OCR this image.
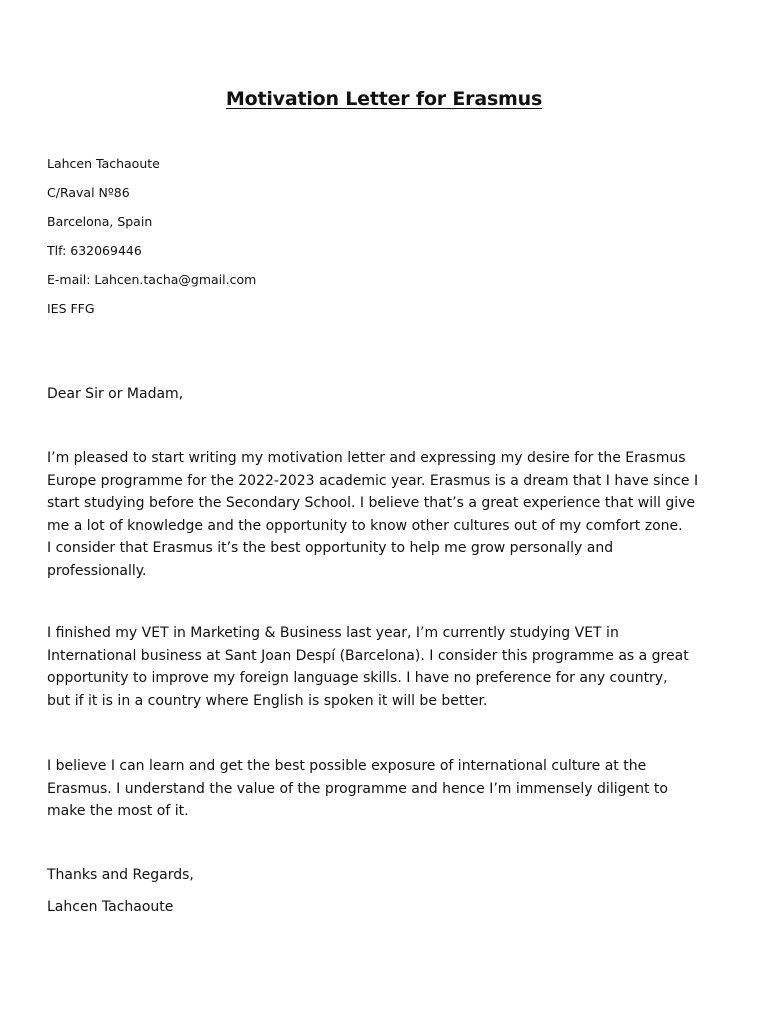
Motivation Letter for Erasmus
Lahcen Tachaoute
C/Raval Nº86
Barcelona, Spain
Tlf: 632069446
E-mail: Lahcen.tacha@gmail.com
IES FFG
Dear Sir or Madam,
I’m pleased to start writing my motivation letter and expressing my desire for the Erasmus
Europe programme for the 2022-2023 academic year. Erasmus is a dream that I have since I
start studying before the Secondary School. I believe that’s a great experience that will give
me a lot of knowledge and the opportunity to know other cultures out of my comfort zone.
I consider that Erasmus it’s the best opportunity to help me grow personally and
professionally.
I finished my VET in Marketing & Business last year, I’m currently studying VET in
International business at Sant Joan Despí (Barcelona). I consider this programme as a great
opportunity to improve my foreign language skills. I have no preference for any country,
but if it is in a country where English is spoken it will be better.
I believe I can learn and get the best possible exposure of international culture at the
Erasmus. I understand the value of the programme and hence I’m immensely diligent to
make the most of it.
Thanks and Regards,
Lahcen Tachaoute
